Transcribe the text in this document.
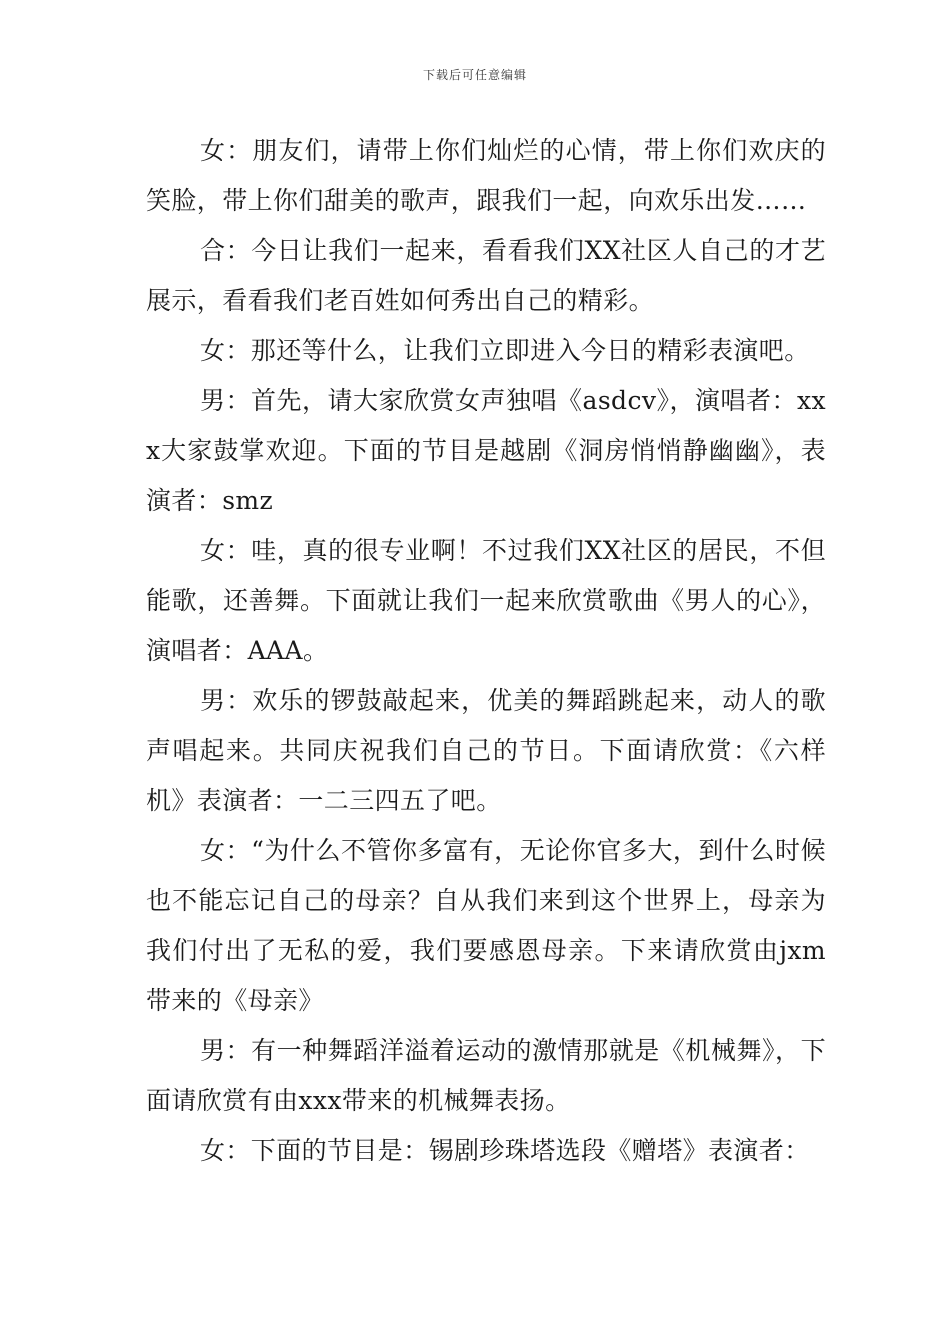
下载后可任意编辑

女：朋友们，请带上你们灿烂的心情，带上你们欢庆的笑脸，带上你们甜美的歌声，跟我们一起，向欢乐出发……

合：今日让我们一起来，看看我们XX社区人自己的才艺展示，看看我们老百姓如何秀出自己的精彩。

女：那还等什么，让我们立即进入今日的精彩表演吧。

男：首先，请大家欣赏女声独唱《asdcv》，演唱者：xxx大家鼓掌欢迎。下面的节目是越剧《洞房悄悄静幽幽》，表演者：smz

女：哇，真的很专业啊！不过我们XX社区的居民，不但能歌，还善舞。下面就让我们一起来欣赏歌曲《男人的心》，演唱者：AAA。

男：欢乐的锣鼓敲起来，优美的舞蹈跳起来，动人的歌声唱起来。共同庆祝我们自己的节日。下面请欣赏：《六样机》表演者：一二三四五了吧。

女：“为什么不管你多富有，无论你官多大，到什么时候也不能忘记自己的母亲？自从我们来到这个世界上，母亲为我们付出了无私的爱，我们要感恩母亲。下来请欣赏由jxm带来的《母亲》

男：有一种舞蹈洋溢着运动的激情那就是《机械舞》，下面请欣赏有由xxx带来的机械舞表扬。

女：下面的节目是：锡剧珍珠塔选段《赠塔》表演者：
